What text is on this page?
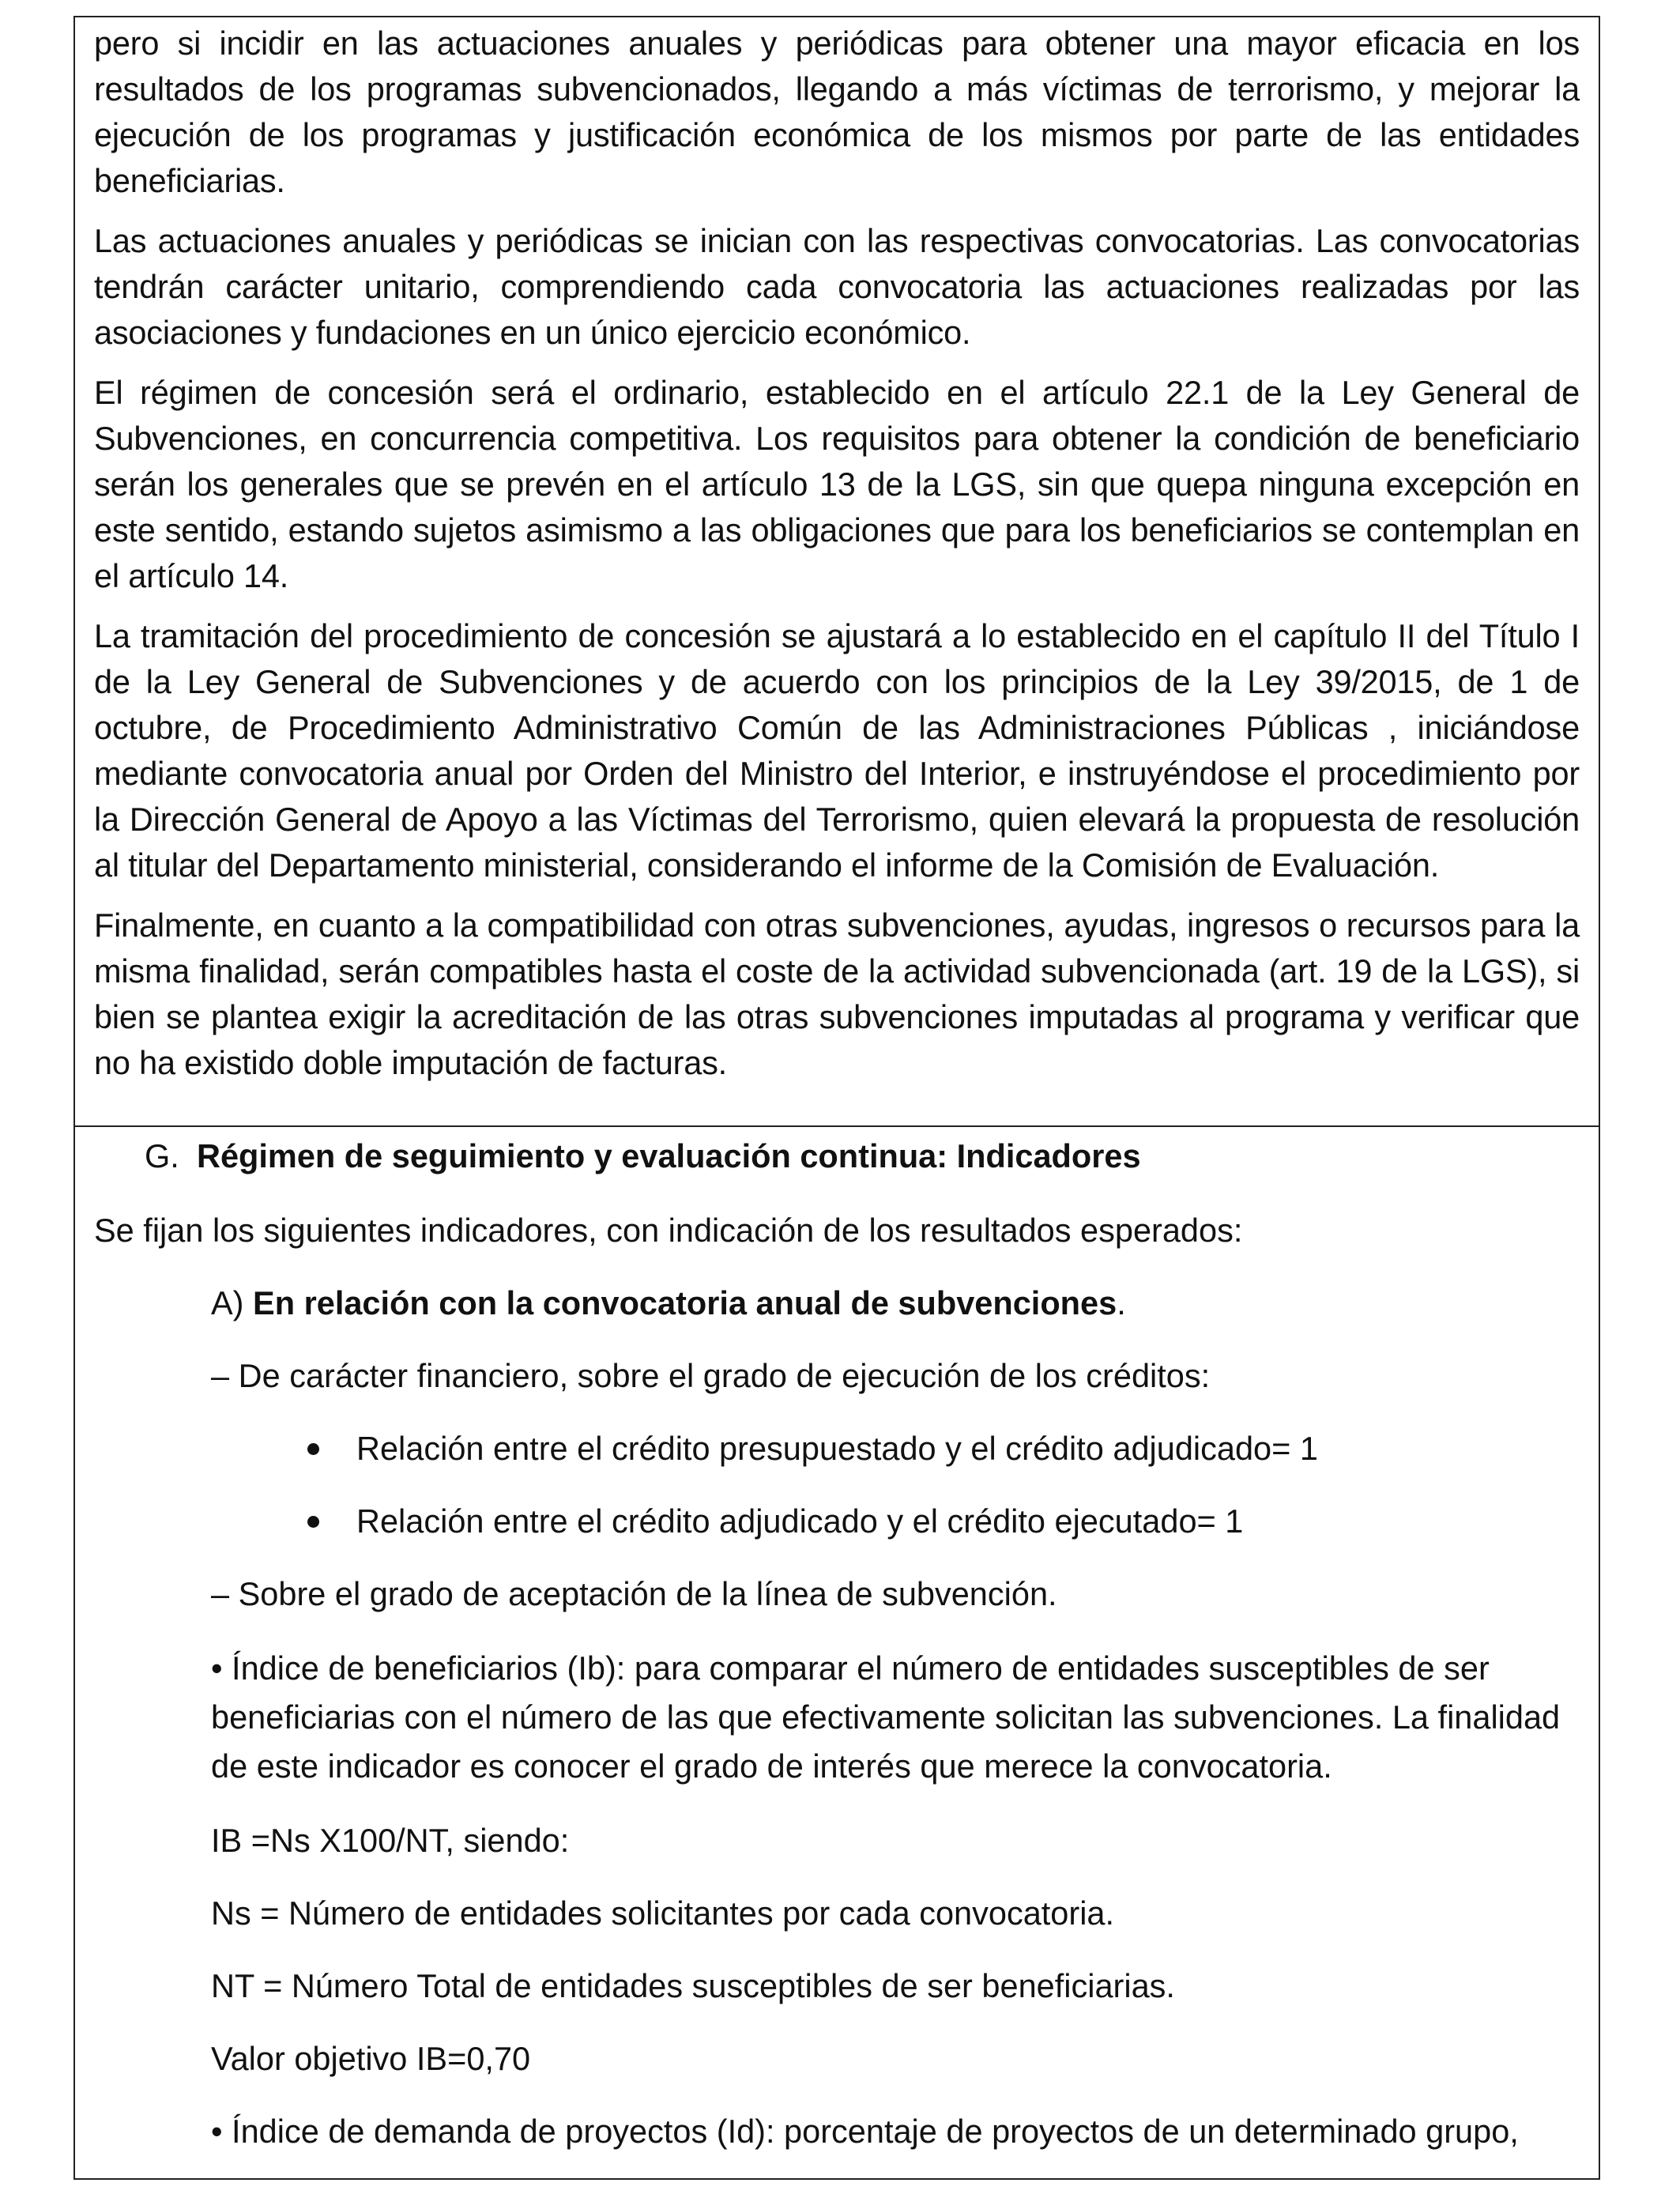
pero si incidir en las actuaciones anuales y periódicas para obtener una mayor eficacia en los resultados de los programas subvencionados, llegando a más víctimas de terrorismo, y mejorar la ejecución de los programas y justificación económica de los mismos por parte de las entidades beneficiarias.

Las actuaciones anuales y periódicas se inician con las respectivas convocatorias. Las convocatorias tendrán carácter unitario, comprendiendo cada convocatoria las actuaciones realizadas por las asociaciones y fundaciones en un único ejercicio económico.

El régimen de concesión será el ordinario, establecido en el artículo 22.1 de la Ley General de Subvenciones, en concurrencia competitiva. Los requisitos para obtener la condición de beneficiario serán los generales que se prevén en el artículo 13 de la LGS, sin que quepa ninguna excepción en este sentido, estando sujetos asimismo a las obligaciones que para los beneficiarios se contemplan en el artículo 14.

La tramitación del procedimiento de concesión se ajustará a lo establecido en el capítulo II del Título I de la Ley General de Subvenciones y de acuerdo con los principios de la Ley 39/2015, de 1 de octubre, de Procedimiento Administrativo Común de las Administraciones Públicas , iniciándose mediante convocatoria anual por Orden del Ministro del Interior, e instruyéndose el procedimiento por la Dirección General de Apoyo a las Víctimas del Terrorismo, quien elevará la propuesta de resolución al titular del Departamento ministerial, considerando el informe de la Comisión de Evaluación.

Finalmente, en cuanto a la compatibilidad con otras subvenciones, ayudas, ingresos o recursos para la misma finalidad, serán compatibles hasta el coste de la actividad subvencionada (art. 19 de la LGS), si bien se plantea exigir la acreditación de las otras subvenciones imputadas al programa y verificar que no ha existido doble imputación de facturas.

G. Régimen de seguimiento y evaluación continua: Indicadores
Se fijan los siguientes indicadores, con indicación de los resultados esperados:
A) En relación con la convocatoria anual de subvenciones.
– De carácter financiero, sobre el grado de ejecución de los créditos:
Relación entre el crédito presupuestado y el crédito adjudicado= 1
Relación entre el crédito adjudicado y el crédito ejecutado= 1
– Sobre el grado de aceptación de la línea de subvención.
• Índice de beneficiarios (Ib): para comparar el número de entidades susceptibles de ser beneficiarias con el número de las que efectivamente solicitan las subvenciones. La finalidad de este indicador es conocer el grado de interés que merece la convocatoria.
IB =Ns X100/NT, siendo:
Ns = Número de entidades solicitantes por cada convocatoria.
NT = Número Total de entidades susceptibles de ser beneficiarias.
Valor objetivo IB=0,70
• Índice de demanda de proyectos (Id): porcentaje de proyectos de un determinado grupo,
